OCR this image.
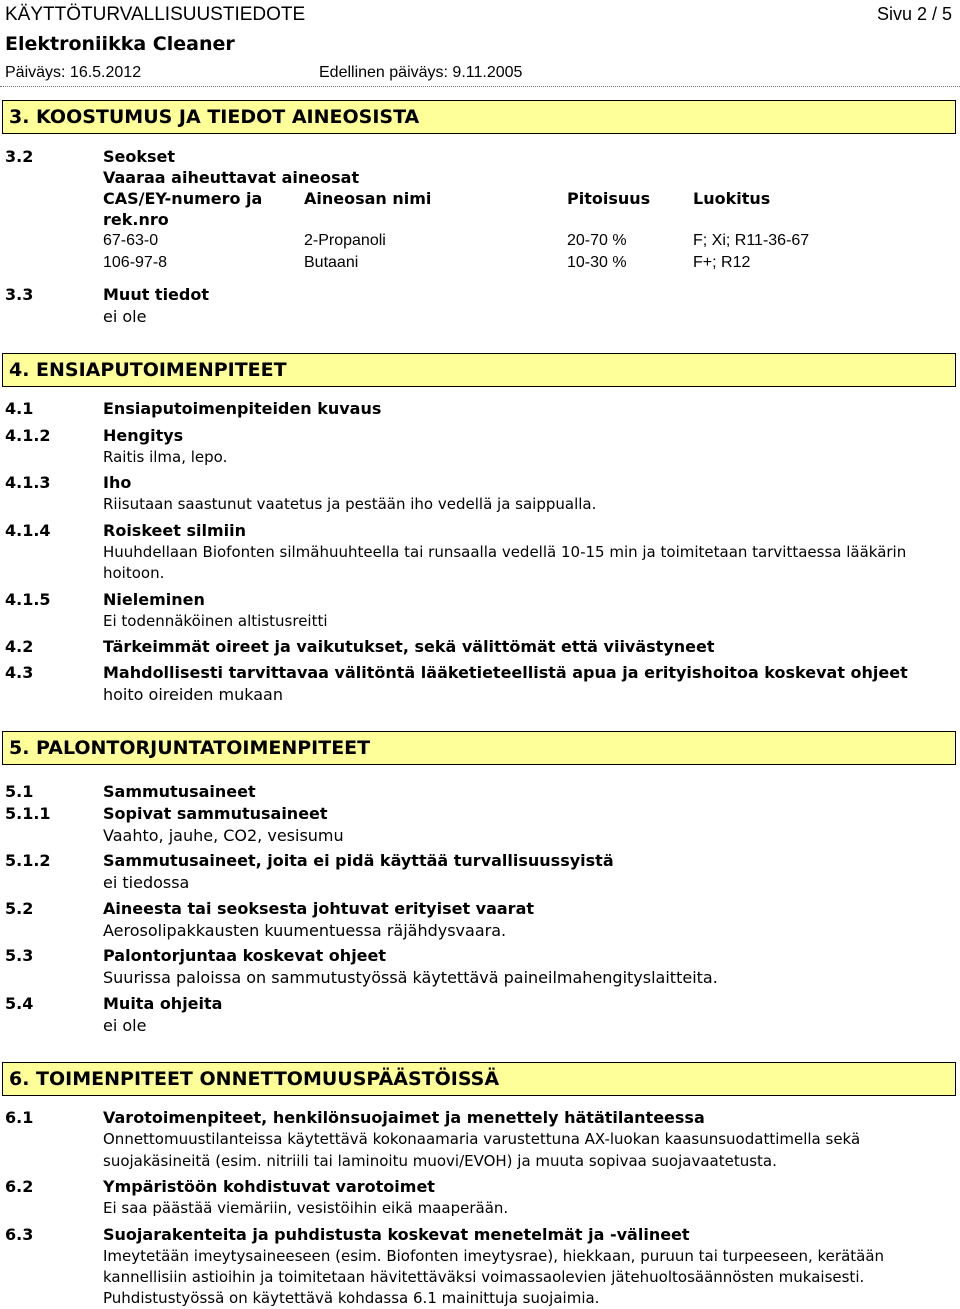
KÄYTTÖTURVALLISUUSTIEDOTE	Sivu 2 / 5
Elektroniikka Cleaner
Päiväys: 16.5.2012	Edellinen päiväys: 9.11.2005
3. KOOSTUMUS JA TIEDOT AINEOSISTA
3.2	Seokset
Vaaraa aiheuttavat aineosat
CAS/EY-numero ja	Aineosan nimi	Pitoisuus	Luokitus
rek.nro
67-63-0	2-Propanoli	20-70 %	F; Xi; R11-36-67
106-97-8	Butaani	10-30 %	F+; R12
3.3	Muut tiedot
ei ole
4. ENSIAPUTOIMENPITEET
4.1	Ensiaputoimenpiteiden kuvaus
4.1.2	Hengitys
Raitis ilma, lepo.
4.1.3	Iho
Riisutaan saastunut vaatetus ja pestään iho vedellä ja saippualla.
4.1.4	Roiskeet silmiin
Huuhdellaan Biofonten silmähuuhteella tai runsaalla vedellä 10-15 min ja toimitetaan tarvittaessa lääkärin
hoitoon.
4.1.5	Nieleminen
Ei todennäköinen altistusreitti
4.2	Tärkeimmät oireet ja vaikutukset, sekä välittömät että viivästyneet
4.3	Mahdollisesti tarvittavaa välitöntä lääketieteellistä apua ja erityishoitoa koskevat ohjeet
hoito oireiden mukaan
5. PALONTORJUNTATOIMENPITEET
5.1	Sammutusaineet
5.1.1	Sopivat sammutusaineet
Vaahto, jauhe, CO2, vesisumu
5.1.2	Sammutusaineet, joita ei pidä käyttää turvallisuussyistä
ei tiedossa
5.2	Aineesta tai seoksesta johtuvat erityiset vaarat
Aerosolipakkausten kuumentuessa räjähdysvaara.
5.3	Palontorjuntaa koskevat ohjeet
Suurissa paloissa on sammutustyössä käytettävä paineilmahengityslaitteita.
5.4	Muita ohjeita
ei ole
6. TOIMENPITEET ONNETTOMUUSPÄÄSTÖISSÄ
6.1	Varotoimenpiteet, henkilönsuojaimet ja menettely hätätilanteessa
Onnettomuustilanteissa käytettävä kokonaamaria varustettuna AX-luokan kaasunsuodattimella sekä
suojakäsineitä (esim. nitriili tai laminoitu muovi/EVOH) ja muuta sopivaa suojavaatetusta.
6.2	Ympäristöön kohdistuvat varotoimet
Ei saa päästää viemäriin, vesistöihin eikä maaperään.
6.3	Suojarakenteita ja puhdistusta koskevat menetelmät ja -välineet
Imeytetään imeytysaineeseen (esim. Biofonten imeytysrae), hiekkaan, puruun tai turpeeseen, kerätään
kannellisiin astioihin ja toimitetaan hävitettäväksi voimassaolevien jätehuoltosäännösten mukaisesti.
Puhdistustyössä on käytettävä kohdassa 6.1 mainittuja suojaimia.
